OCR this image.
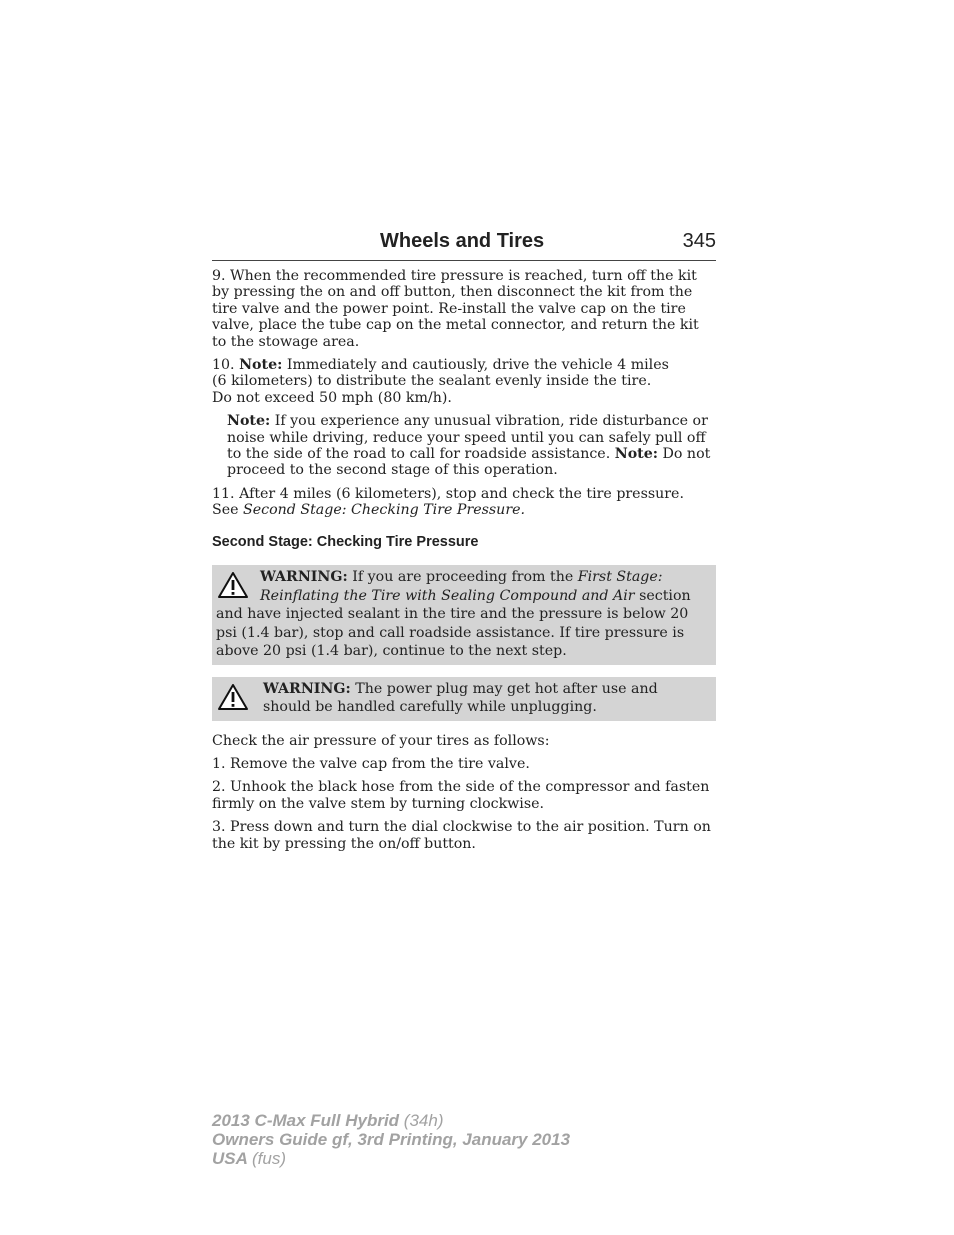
Wheels and Tires	345

9. When the recommended tire pressure is reached, turn off the kit by pressing the on and off button, then disconnect the kit from the tire valve and the power point. Re-install the valve cap on the tire valve, place the tube cap on the metal connector, and return the kit to the stowage area.

10. Note: Immediately and cautiously, drive the vehicle 4 miles
(6 kilometers) to distribute the sealant evenly inside the tire.
Do not exceed 50 mph (80 km/h).

Note: If you experience any unusual vibration, ride disturbance or noise while driving, reduce your speed until you can safely pull off to the side of the road to call for roadside assistance. Note: Do not proceed to the second stage of this operation.

11. After 4 miles (6 kilometers), stop and check the tire pressure.
See Second Stage: Checking Tire Pressure.

Second Stage: Checking Tire Pressure
WARNING: If you are proceeding from the First Stage: Reinflating the Tire with Sealing Compound and Air section and have injected sealant in the tire and the pressure is below 20 psi (1.4 bar), stop and call roadside assistance. If tire pressure is above 20 psi (1.4 bar), continue to the next step.
WARNING: The power plug may get hot after use and should be handled carefully while unplugging.

Check the air pressure of your tires as follows:

1. Remove the valve cap from the tire valve.

2. Unhook the black hose from the side of the compressor and fasten firmly on the valve stem by turning clockwise.

3. Press down and turn the dial clockwise to the air position. Turn on the kit by pressing the on/off button.

2013 C-Max Full Hybrid (34h)
Owners Guide gf, 3rd Printing, January 2013
USA (fus)
